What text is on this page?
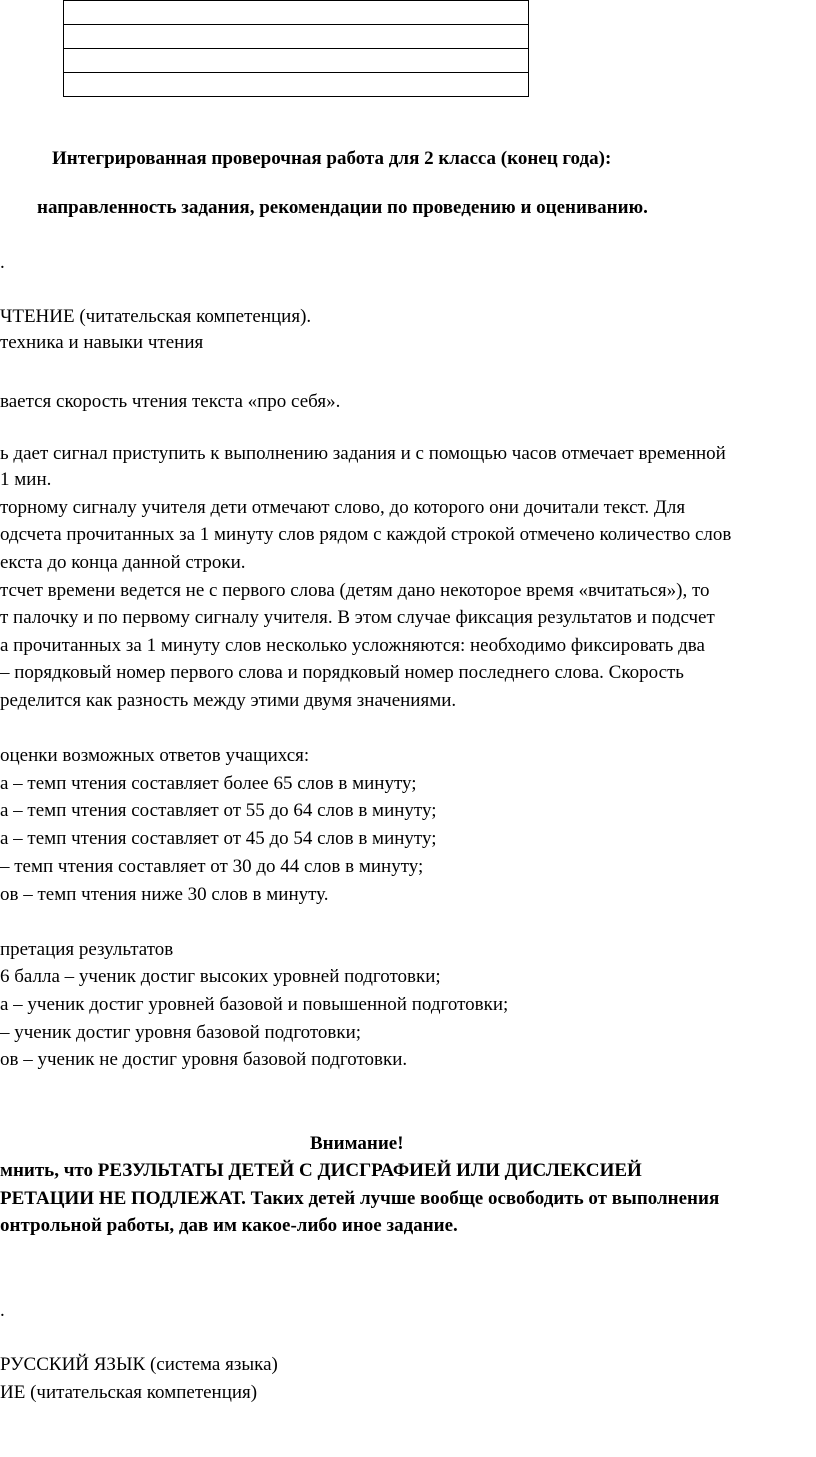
Интегрированная проверочная работа для 2 класса (конец года):
направленность задания, рекомендации по проведению и оцениванию.
.
ЧТЕНИЕ (читательская компетенция).
техника и навыки чтения
вается скорость чтения текста «про себя».
ь дает сигнал приступить к выполнению задания и с помощью часов отмечает временной
1 мин.
торному сигналу учителя дети отмечают слово, до которого они дочитали текст. Для
одсчета прочитанных за 1 минуту слов рядом с каждой строкой отмечено количество слов
екста до конца данной строки.
тсчет времени ведется не с первого слова (детям дано некоторое время «вчитаться»), то
т палочку и по первому сигналу учителя. В этом случае фиксация результатов и подсчет
а прочитанных за 1 минуту слов несколько усложняются: необходимо фиксировать два
– порядковый номер первого слова и порядковый номер последнего слова. Скорость
ределится как разность между этими двумя значениями.
оценки возможных ответов учащихся:
а – темп чтения составляет более 65 слов в минуту;
а – темп чтения составляет от 55 до 64 слов в минуту;
а – темп чтения составляет от 45 до 54 слов в минуту;
– темп чтения составляет от 30 до 44 слов в минуту;
ов – темп чтения ниже 30 слов в минуту.
претация результатов
6 балла – ученик достиг высоких уровней подготовки;
а – ученик достиг уровней базовой и повышенной подготовки;
– ученик достиг уровня базовой подготовки;
ов – ученик не достиг уровня базовой подготовки.
Внимание!
мнить, что РЕЗУЛЬТАТЫ ДЕТЕЙ С ДИСГРАФИЕЙ ИЛИ ДИСЛЕКСИЕЙ
РЕТАЦИИ НЕ ПОДЛЕЖАТ. Таких детей лучше вообще освободить от выполнения
онтрольной работы, дав им какое-либо иное задание.
.
РУССКИЙ ЯЗЫК (система языка)
ИЕ (читательская компетенция)
